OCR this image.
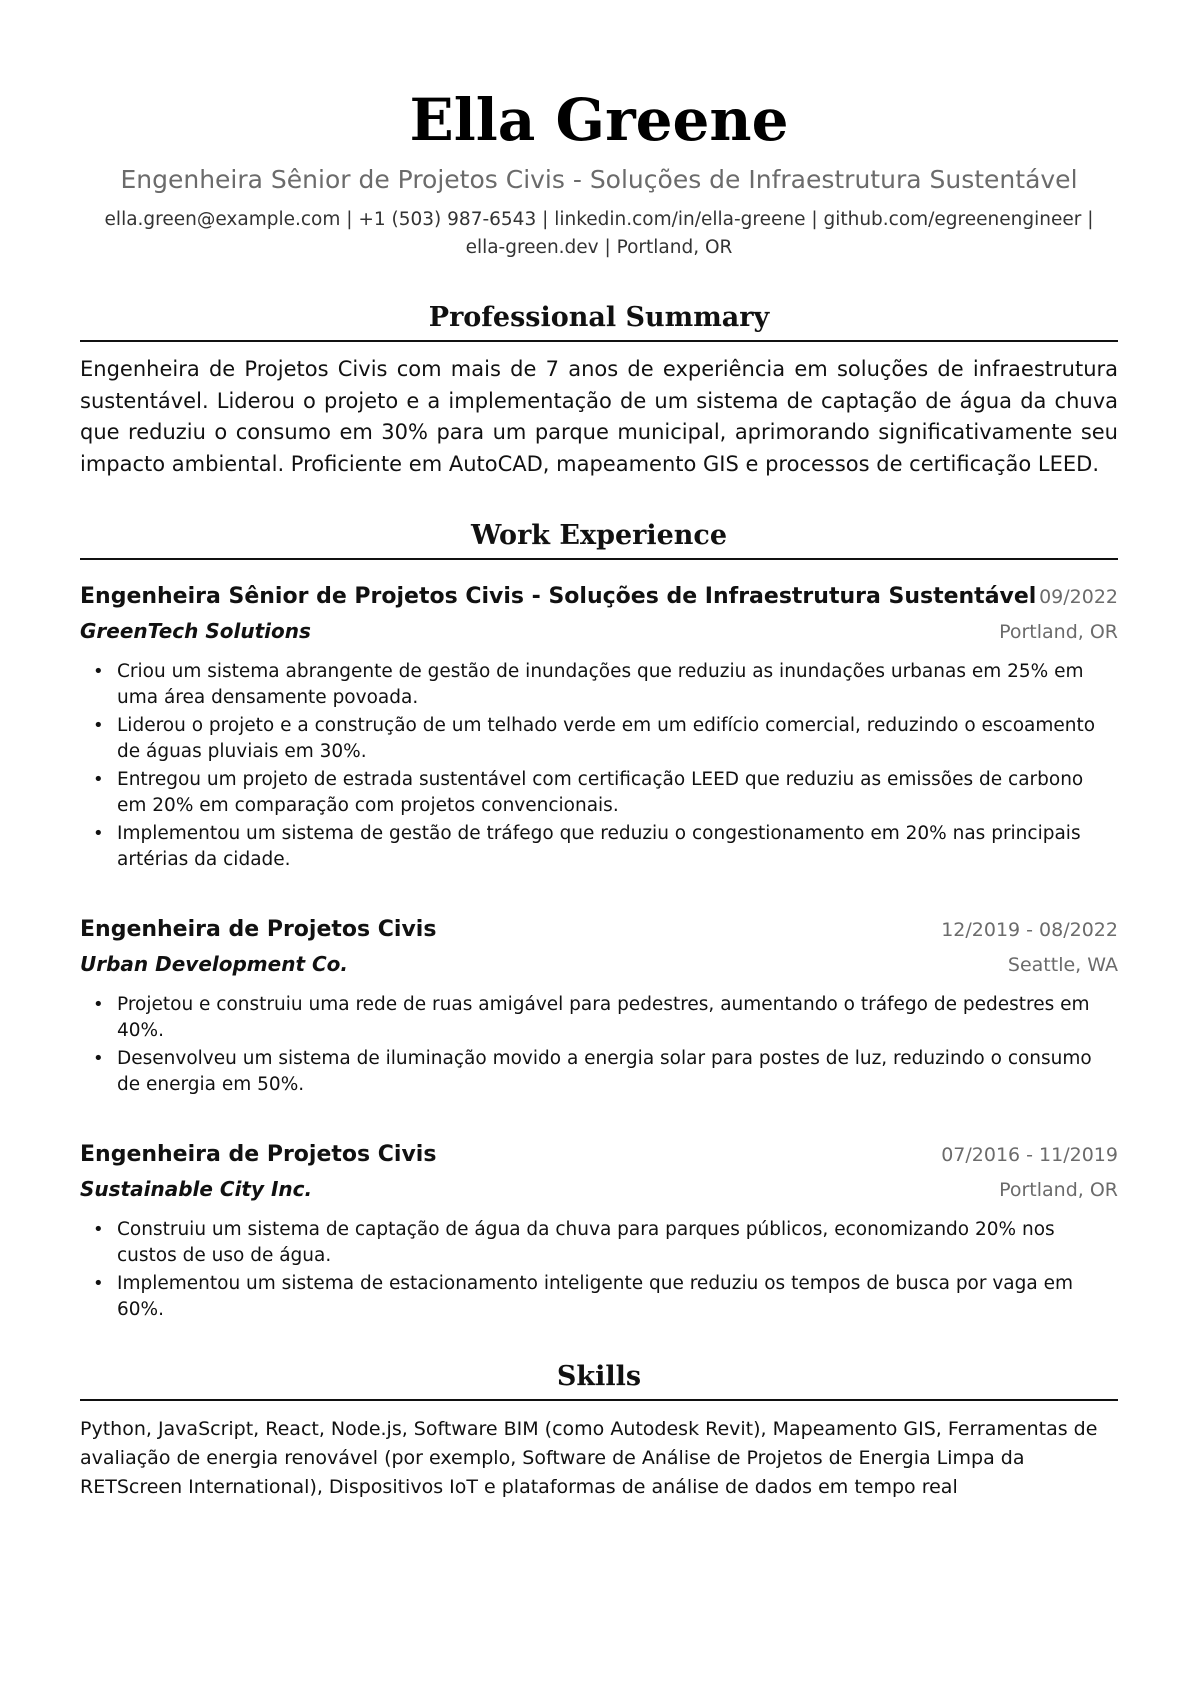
Ella Greene
Engenheira Sênior de Projetos Civis - Soluções de Infraestrutura Sustentável
ella.green@example.com | +1 (503) 987-6543 | linkedin.com/in/ella-greene | github.com/egreenengineer | ella-green.dev | Portland, OR
Professional Summary
Engenheira de Projetos Civis com mais de 7 anos de experiência em soluções de infraestrutura sustentável. Liderou o projeto e a implementação de um sistema de captação de água da chuva que reduziu o consumo em 30% para um parque municipal, aprimorando significativamente seu impacto ambiental. Proficiente em AutoCAD, mapeamento GIS e processos de certificação LEED.
Work Experience
Engenheira Sênior de Projetos Civis - Soluções de Infraestrutura Sustentável 09/2022
GreenTech Solutions	Portland, OR
• Criou um sistema abrangente de gestão de inundações que reduziu as inundações urbanas em 25% em uma área densamente povoada.
• Liderou o projeto e a construção de um telhado verde em um edifício comercial, reduzindo o escoamento de águas pluviais em 30%.
• Entregou um projeto de estrada sustentável com certificação LEED que reduziu as emissões de carbono em 20% em comparação com projetos convencionais.
• Implementou um sistema de gestão de tráfego que reduziu o congestionamento em 20% nas principais artérias da cidade.
Engenheira de Projetos Civis	12/2019 - 08/2022
Urban Development Co.	Seattle, WA
• Projetou e construiu uma rede de ruas amigável para pedestres, aumentando o tráfego de pedestres em 40%.
• Desenvolveu um sistema de iluminação movido a energia solar para postes de luz, reduzindo o consumo de energia em 50%.
Engenheira de Projetos Civis	07/2016 - 11/2019
Sustainable City Inc.	Portland, OR
• Construiu um sistema de captação de água da chuva para parques públicos, economizando 20% nos custos de uso de água.
• Implementou um sistema de estacionamento inteligente que reduziu os tempos de busca por vaga em 60%.
Skills
Python, JavaScript, React, Node.js, Software BIM (como Autodesk Revit), Mapeamento GIS, Ferramentas de avaliação de energia renovável (por exemplo, Software de Análise de Projetos de Energia Limpa da RETScreen International), Dispositivos IoT e plataformas de análise de dados em tempo real
